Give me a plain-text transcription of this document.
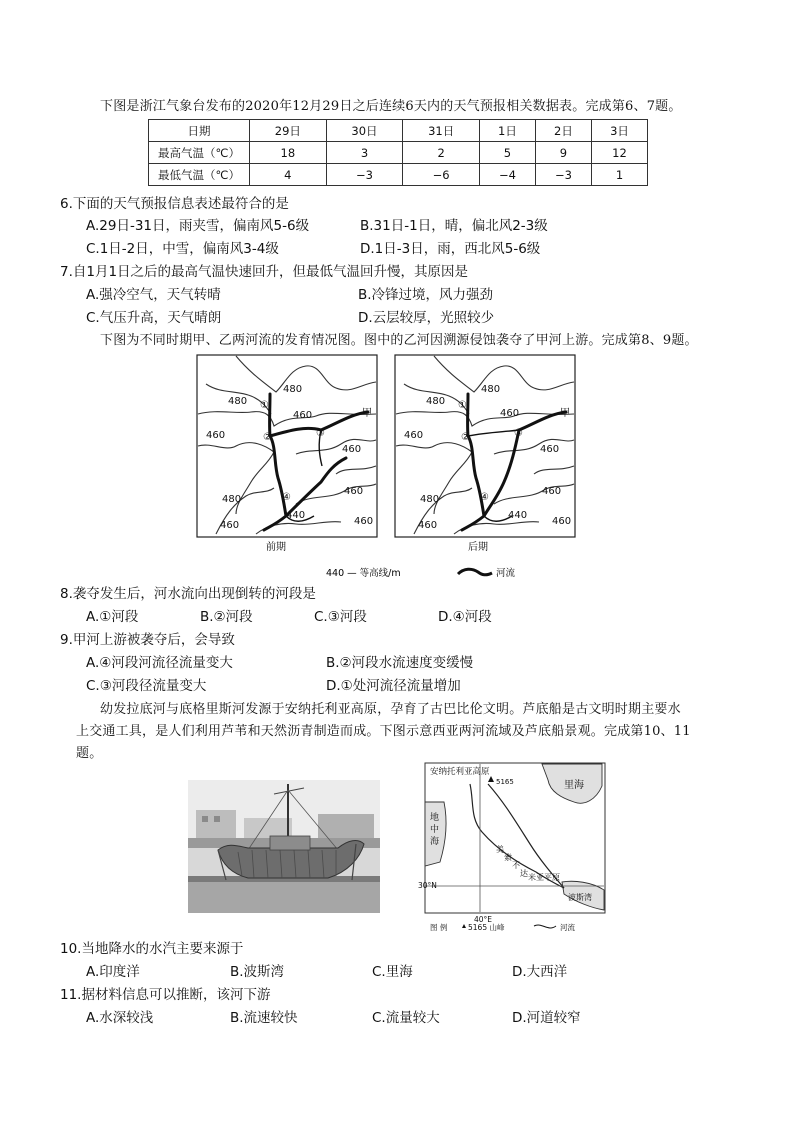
下图是浙江气象台发布的2020年12月29日之后连续6天内的天气预报相关数据表。完成第6、7题。
日期	29日	30日	31日	1日	2日	3日
最高气温（℃）	18	3	2	5	9	12
最低气温（℃）	4	−3	−6	−4	−3	1
6.下面的天气预报信息表述最符合的是
A.29日-31日，雨夹雪，偏南风5-6级	B.31日-1日，晴，偏北风2-3级
C.1日-2日，中雪，偏南风3-4级	D.1日-3日，雨，西北风5-6级
7.自1月1日之后的最高气温快速回升，但最低气温回升慢，其原因是
A.强冷空气，天气转晴	B.冷锋过境，风力强劲
C.气压升高，天气晴朗	D.云层较厚，光照较少
下图为不同时期甲、乙两河流的发育情况图。图中的乙河因溯源侵蚀袭夺了甲河上游。完成第8、9题。
480
480
460
460
460
480
460
440
460	460
甲
①
②	③
④
480
480
460
460
460
480
460
440
460	460
甲
①
②	③
④
前期	后期
440 — 等高线/m	河流
8.袭夺发生后，河水流向出现倒转的河段是
A.①河段	B.②河段	C.③河段	D.④河段
9.甲河上游被袭夺后，会导致
A.④河段河流径流量变大	B.②河段水流速度变缓慢
C.③河段径流量变大	D.①处河流径流量增加
幼发拉底河与底格里斯河发源于安纳托利亚高原，孕育了古巴比伦文明。芦底船是古文明时期主要水
上交通工具，是人们利用芦苇和天然沥青制造而成。下图示意西亚两河流域及芦底船景观。完成第10、11
题。
安纳托利亚高原
5165	里海
30°N
40°E
地中海
美索不达米亚平原
波斯湾
图 例	5165 山峰	河流
10.当地降水的水汽主要来源于
A.印度洋	B.波斯湾	C.里海	D.大西洋
11.据材料信息可以推断，该河下游
A.水深较浅	B.流速较快	C.流量较大	D.河道较窄
